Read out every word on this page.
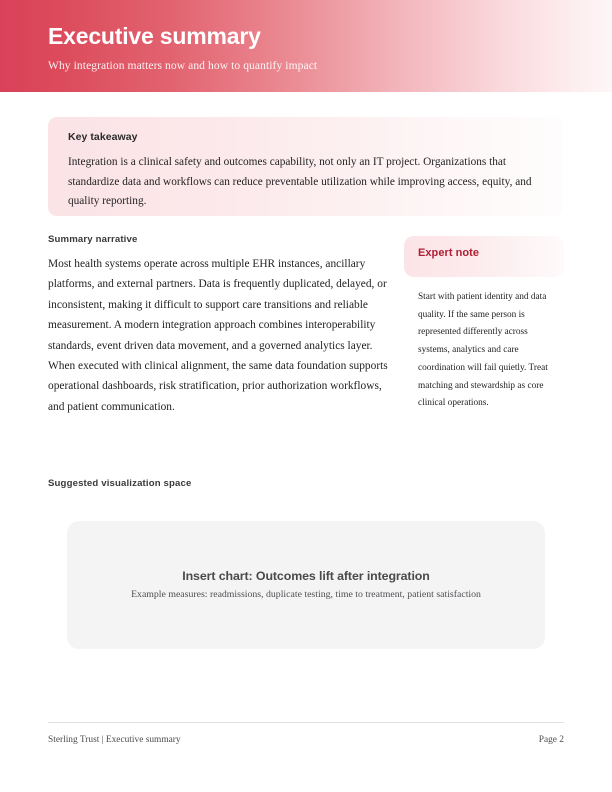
Executive summary
Why integration matters now and how to quantify impact
Key takeaway
Integration is a clinical safety and outcomes capability, not only an IT project. Organizations that standardize data and workflows can reduce preventable utilization while improving access, equity, and quality reporting.
Summary narrative
Most health systems operate across multiple EHR instances, ancillary platforms, and external partners. Data is frequently duplicated, delayed, or inconsistent, making it difficult to support care transitions and reliable measurement. A modern integration approach combines interoperability standards, event driven data movement, and a governed analytics layer. When executed with clinical alignment, the same data foundation supports operational dashboards, risk stratification, prior authorization workflows, and patient communication.
Expert note
Start with patient identity and data quality. If the same person is represented differently across systems, analytics and care coordination will fail quietly. Treat matching and stewardship as core clinical operations.
Suggested visualization space
Insert chart: Outcomes lift after integration
Example measures: readmissions, duplicate testing, time to treatment, patient satisfaction
Sterling Trust | Executive summary	Page 2
